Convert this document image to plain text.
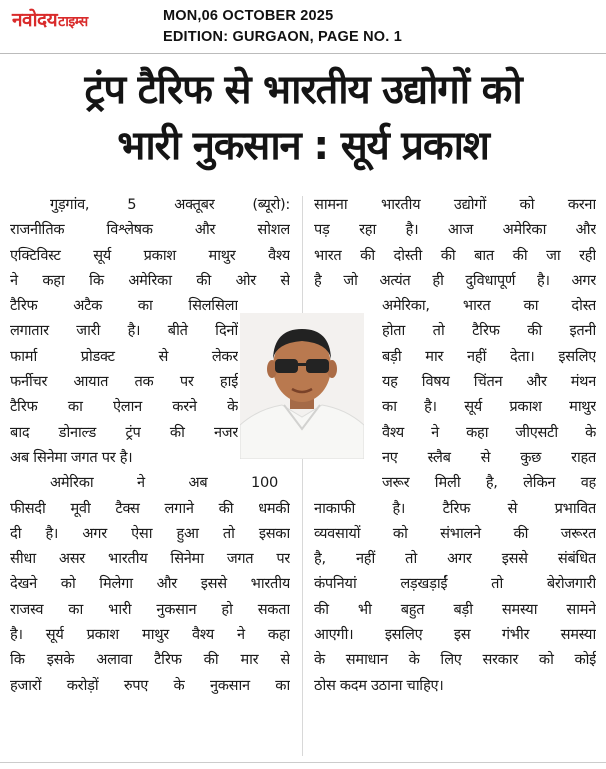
नवोदयटाइम्स	MON,06 OCTOBER 2025
EDITION: GURGAON, PAGE NO. 1
ट्रंप टैरिफ से भारतीय उद्योगों को
भारी नुकसान : सूर्य प्रकाश
गुड़गांव, 5 अक्तूबर (ब्यूरो):
राजनीतिक विश्लेषक और सोशल
एक्टिविस्ट सूर्य प्रकाश माथुर वैश्य
ने कहा कि अमेरिका की ओर से
टैरिफ अटैक का सिलसिला
लगातार जारी है। बीते दिनों
फार्मा प्रोडक्ट से लेकर
फर्नीचर आयात तक पर हाई
टैरिफ का ऐलान करने के
बाद डोनाल्ड ट्रंप की नजर
अब सिनेमा जगत पर है।
अमेरिका ने अब 100
फीसदी मूवी टैक्स लगाने की धमकी
दी है। अगर ऐसा हुआ तो इसका
सीधा असर भारतीय सिनेमा जगत पर
देखने को मिलेगा और इससे भारतीय
राजस्व का भारी नुकसान हो सकता
है। सूर्य प्रकाश माथुर वैश्य ने कहा
कि इसके अलावा टैरिफ की मार से
हजारों करोड़ों रुपए के नुकसान का
सामना भारतीय उद्योगों को करना
पड़ रहा है। आज अमेरिका और
भारत की दोस्ती की बात की जा रही
है जो अत्यंत ही दुविधापूर्ण है। अगर
अमेरिका, भारत का दोस्त
होता तो टैरिफ की इतनी
बड़ी मार नहीं देता। इसलिए
यह विषय चिंतन और मंथन
का है। सूर्य प्रकाश माथुर
वैश्य ने कहा जीएसटी के
नए स्लैब से कुछ राहत
जरूर मिली है, लेकिन वह
नाकाफी है। टैरिफ से प्रभावित
व्यवसायों को संभालने की जरूरत
है, नहीं तो अगर इससे संबंधित
कंपनियां लड़खड़ाईं तो बेरोजगारी
की भी बहुत बड़ी समस्या सामने
आएगी। इसलिए इस गंभीर समस्या
के समाधान के लिए सरकार को कोई
ठोस कदम उठाना चाहिए।
